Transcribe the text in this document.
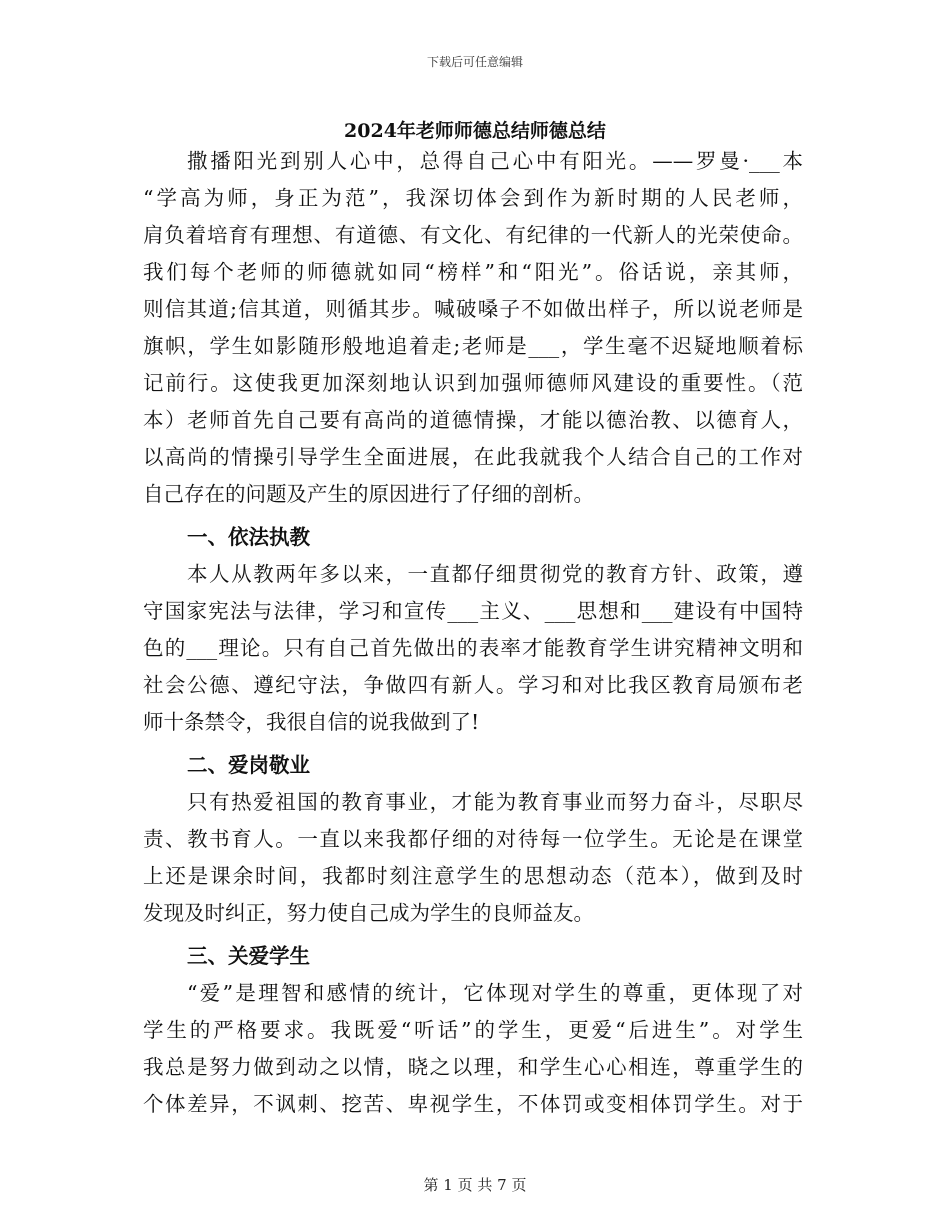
下载后可任意编辑
2024年老师师德总结师德总结
撒播阳光到别人心中，总得自己心中有阳光。——罗曼·___本
“学高为师，身正为范”，我深切体会到作为新时期的人民老师，
肩负着培育有理想、有道德、有文化、有纪律的一代新人的光荣使命。
我们每个老师的师德就如同“榜样”和“阳光”。俗话说，亲其师，
则信其道;信其道，则循其步。喊破嗓子不如做出样子，所以说老师是
旗帜，学生如影随形般地追着走;老师是___，学生毫不迟疑地顺着标
记前行。这使我更加深刻地认识到加强师德师风建设的重要性。（范
本）老师首先自己要有高尚的道德情操，才能以德治教、以德育人，
以高尚的情操引导学生全面进展，在此我就我个人结合自己的工作对
自己存在的问题及产生的原因进行了仔细的剖析。
一、依法执教
本人从教两年多以来，一直都仔细贯彻党的教育方针、政策，遵
守国家宪法与法律，学习和宣传___主义、___思想和___建设有中国特
色的___理论。只有自己首先做出的表率才能教育学生讲究精神文明和
社会公德、遵纪守法，争做四有新人。学习和对比我区教育局颁布老
师十条禁令，我很自信的说我做到了!
二、爱岗敬业
只有热爱祖国的教育事业，才能为教育事业而努力奋斗，尽职尽
责、教书育人。一直以来我都仔细的对待每一位学生。无论是在课堂
上还是课余时间，我都时刻注意学生的思想动态（范本），做到及时
发现及时纠正，努力使自己成为学生的良师益友。
三、关爱学生
“爱”是理智和感情的统计，它体现对学生的尊重，更体现了对
学生的严格要求。我既爱“听话”的学生，更爱“后进生”。对学生
我总是努力做到动之以情，晓之以理，和学生心心相连，尊重学生的
个体差异，不讽刺、挖苦、卑视学生，不体罚或变相体罚学生。对于
第 1 页 共 7 页
